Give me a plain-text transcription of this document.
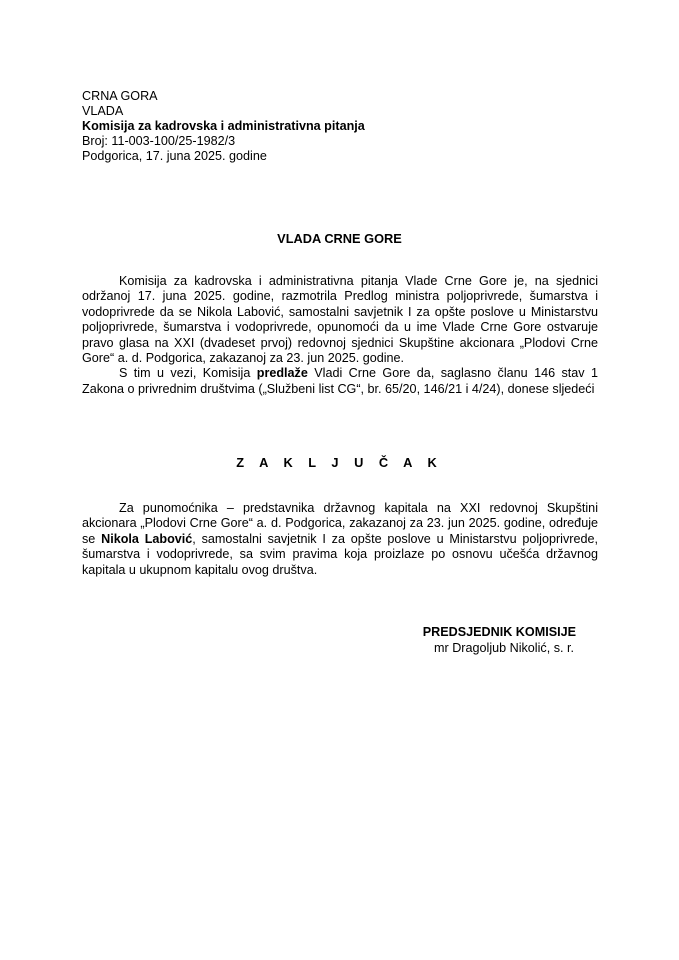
CRNA GORA
VLADA
Komisija za kadrovska i administrativna pitanja
Broj: 11-003-100/25-1982/3
Podgorica, 17. juna 2025. godine
VLADA CRNE GORE

Komisija za kadrovska i administrativna pitanja Vlade Crne Gore je, na sjednici održanoj 17. juna 2025. godine, razmotrila Predlog ministra poljoprivrede, šumarstva i vodoprivrede da se Nikola Labović, samostalni savjetnik I za opšte poslove u Ministarstvu poljoprivrede, šumarstva i vodoprivrede, opunomoći da u ime Vlade Crne Gore ostvaruje pravo glasa na XXI (dvadeset prvoj) redovnoj sjednici Skupštine akcionara „Plodovi Crne Gore“ a. d. Podgorica, zakazanoj za 23. jun 2025. godine.

S tim u vezi, Komisija predlaže Vladi Crne Gore da, saglasno članu 146 stav 1 Zakona o privrednim društvima („Službeni list CG“, br. 65/20, 146/21 i 4/24), donese sljedeći

Z A K L J U Č A K

Za punomoćnika – predstavnika državnog kapitala na XXI redovnoj Skupštini akcionara „Plodovi Crne Gore“ a. d. Podgorica, zakazanoj za 23. jun 2025. godine, određuje se Nikola Labović, samostalni savjetnik I za opšte poslove u Ministarstvu poljoprivrede, šumarstva i vodoprivrede, sa svim pravima koja proizlaze po osnovu učešća državnog kapitala u ukupnom kapitalu ovog društva.

PREDSJEDNIK KOMISIJE
mr Dragoljub Nikolić, s. r.
